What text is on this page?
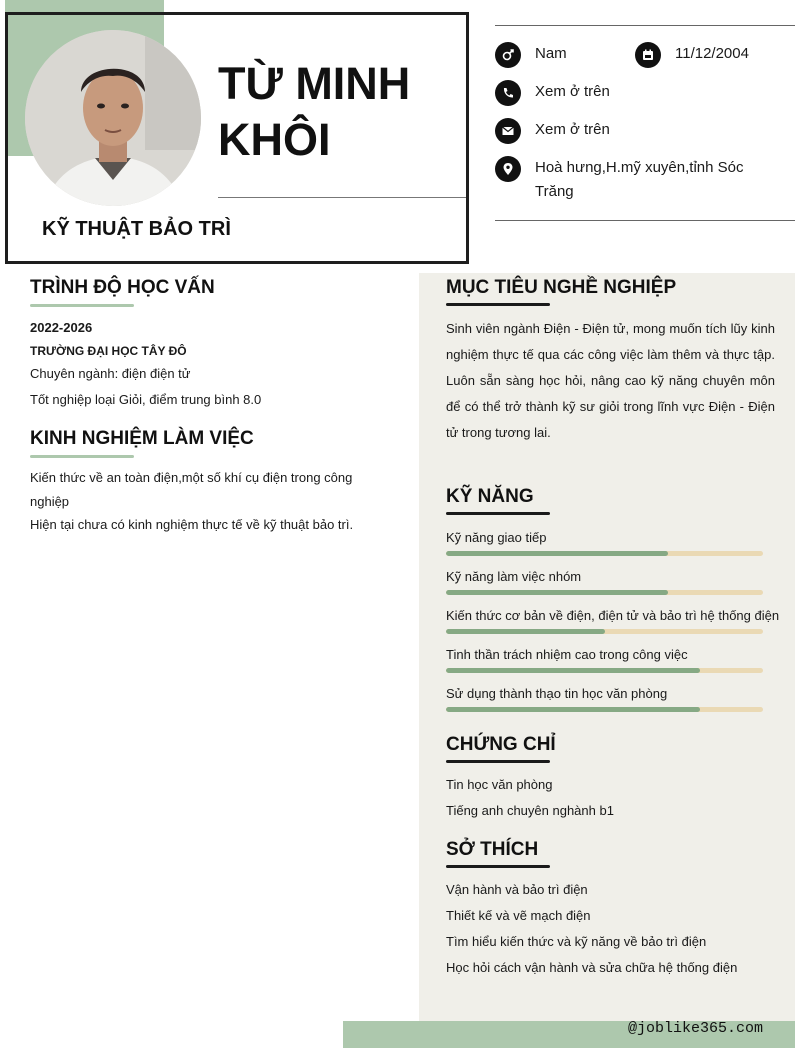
TỪ MINH KHÔI
KỸ THUẬT BẢO TRÌ
Nam	11/12/2004
Xem ở trên
Xem ở trên
Hoà hưng,H.mỹ xuyên,tỉnh Sóc Trăng
@joblike365.com
TRÌNH ĐỘ HỌC VẤN
2022-2026
TRƯỜNG ĐẠI HỌC TÂY ĐÔ
Chuyên ngành: điện điện tử
Tốt nghiệp loại Giỏi, điểm trung bình 8.0
KINH NGHIỆM LÀM VIỆC
Kiến thức về an toàn điện,một số khí cụ điện trong công nghiệp
Hiện tại chưa có kinh nghiệm thực tế về kỹ thuật bảo trì.
MỤC TIÊU NGHỀ NGHIỆP
Sinh viên ngành Điện - Điện tử, mong muốn tích lũy kinh nghiệm thực tế qua các công việc làm thêm và thực tập. Luôn sẵn sàng học hỏi, nâng cao kỹ năng chuyên môn để có thể trở thành kỹ sư giỏi trong lĩnh vực Điện - Điện tử trong tương lai.
KỸ NĂNG
Kỹ năng giao tiếp
Kỹ năng làm việc nhóm
Kiến thức cơ bản về điện, điện tử và bảo trì hệ thống điện
Tinh thần trách nhiệm cao trong công việc
Sử dụng thành thạo tin học văn phòng
CHỨNG CHỈ
Tin học văn phòng
Tiếng anh chuyên nghành b1
SỞ THÍCH
Vận hành và bảo trì điện
Thiết kế và vẽ mạch điện
Tìm hiểu kiến thức và kỹ năng về bảo trì điện
Học hỏi cách vận hành và sửa chữa hệ thống điện
